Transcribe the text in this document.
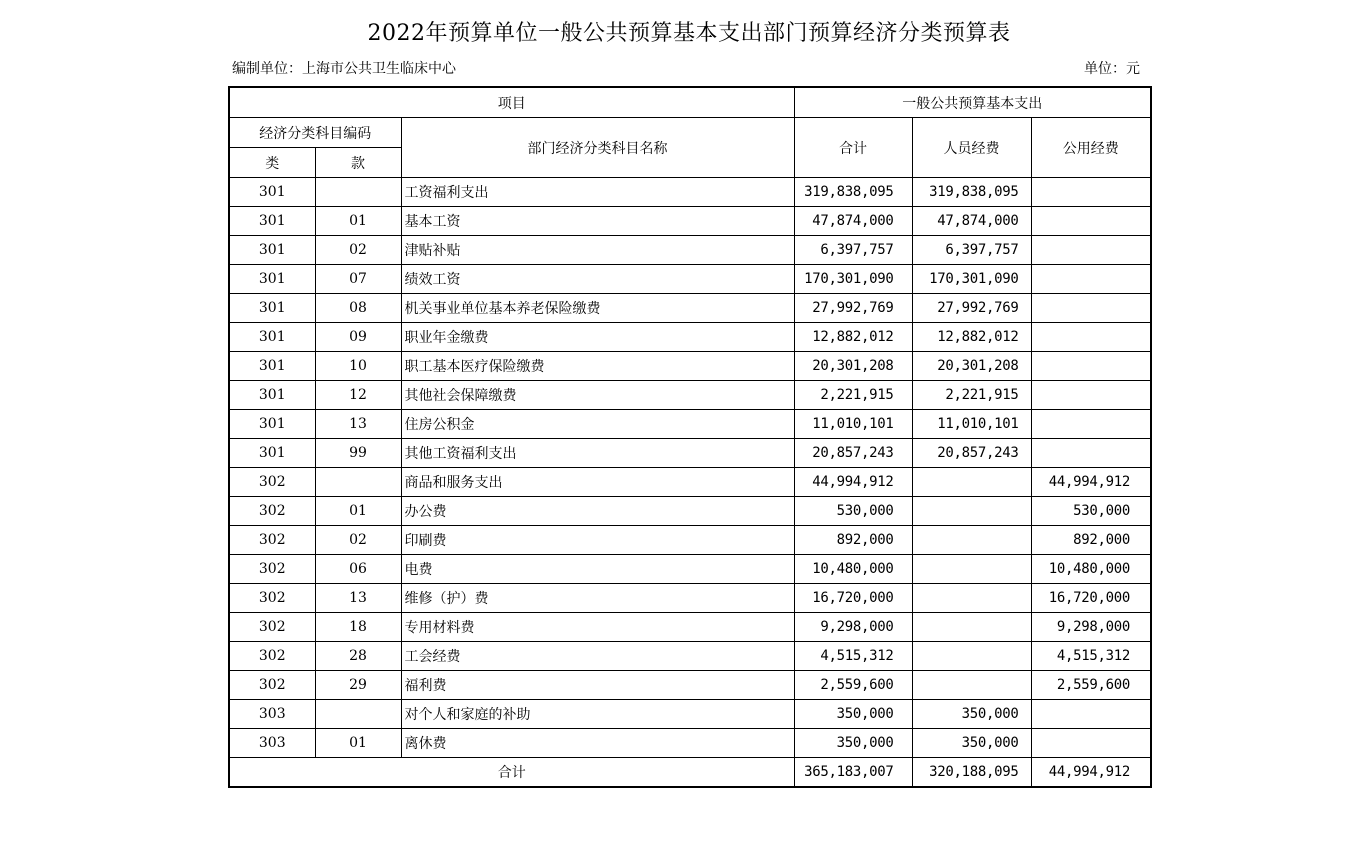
2022年预算单位一般公共预算基本支出部门预算经济分类预算表
编制单位：上海市公共卫生临床中心	单位：元
项目			一般公共预算基本支出		
经济分类科目编码		部门经济分类科目名称	合计	人员经费	公用经费
类	款				
301		工资福利支出	319,838,095	319,838,095	
301	01	基本工资	47,874,000	47,874,000	
301	02	津贴补贴	6,397,757	6,397,757	
301	07	绩效工资	170,301,090	170,301,090	
301	08	机关事业单位基本养老保险缴费	27,992,769	27,992,769	
301	09	职业年金缴费	12,882,012	12,882,012	
301	10	职工基本医疗保险缴费	20,301,208	20,301,208	
301	12	其他社会保障缴费	2,221,915	2,221,915	
301	13	住房公积金	11,010,101	11,010,101	
301	99	其他工资福利支出	20,857,243	20,857,243	
302		商品和服务支出	44,994,912		44,994,912
302	01	办公费	530,000		530,000
302	02	印刷费	892,000		892,000
302	06	电费	10,480,000		10,480,000
302	13	维修（护）费	16,720,000		16,720,000
302	18	专用材料费	9,298,000		9,298,000
302	28	工会经费	4,515,312		4,515,312
302	29	福利费	2,559,600		2,559,600
303		对个人和家庭的补助	350,000	350,000	
303	01	离休费	350,000	350,000	
合计			365,183,007	320,188,095	44,994,912
